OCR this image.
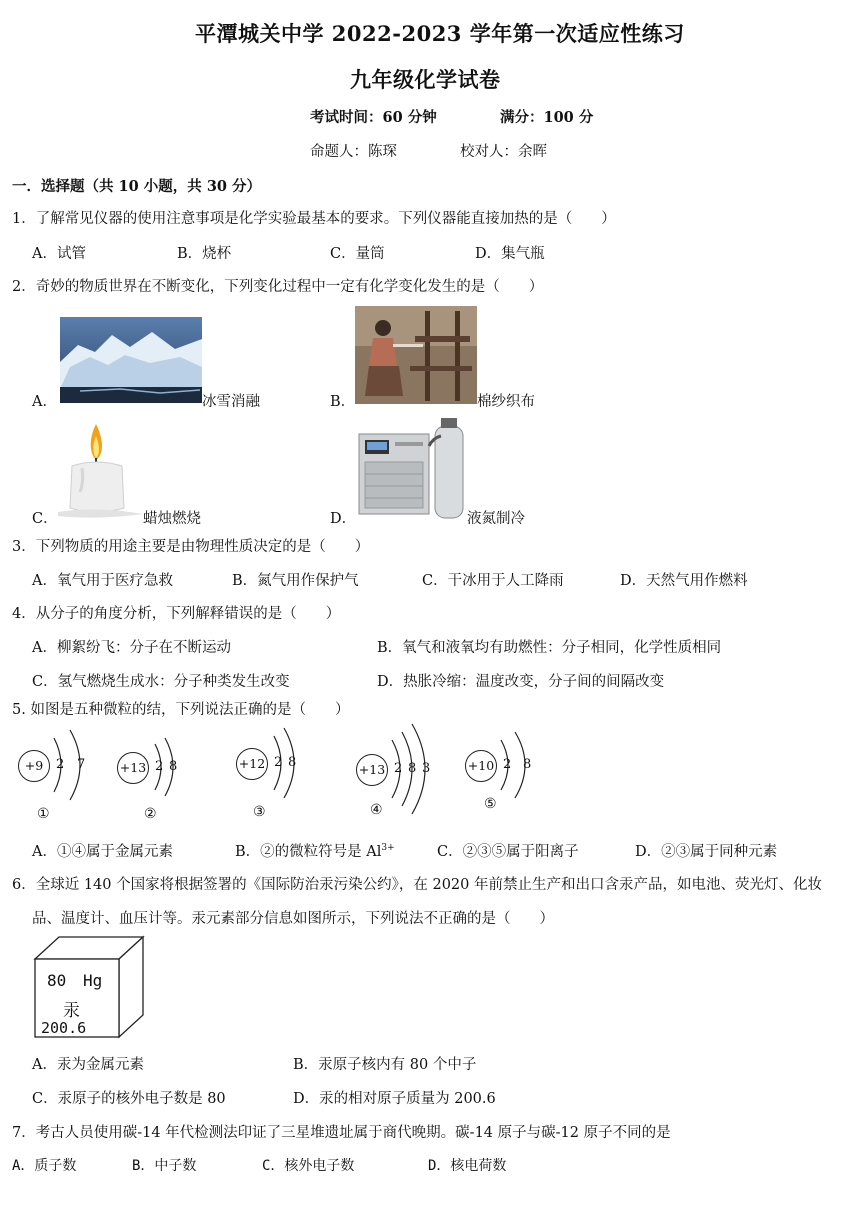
平潭城关中学 2022-2023 学年第一次适应性练习
九年级化学试卷
考试时间：60 分钟	满分：100 分
命题人：陈琛	校对人：余晖
一．选择题（共 10 小题，共 30 分）
1．了解常见仪器的使用注意事项是化学实验最基本的要求。下列仪器能直接加热的是（　　）
A．试管	B．烧杯	C．量筒	D．集气瓶
2．奇妙的物质世界在不断变化，下列变化过程中一定有化学变化发生的是（　　）
A．	冰雪消融	B．	棉纱织布
C．	蜡烛燃烧	D．	液氮制冷
3．下列物质的用途主要是由物理性质决定的是（　　）
A．氧气用于医疗急救	B．氮气用作保护气	C．干冰用于人工降雨	D．天然气用作燃料
4．从分子的角度分析，下列解释错误的是（　　）
A．柳絮纷飞：分子在不断运动	B．氧气和液氧均有助燃性：分子相同，化学性质相同
C．氢气燃烧生成水：分子种类发生改变	D．热胀冷缩：温度改变，分子间的间隔改变
5. 如图是五种微粒的结，下列说法正确的是（　　）
+9 2 7
①
+13 2 8
②
+12 2 8
③
+13 2 8 3
④
+10 2 8
⑤
A．①④属于金属元素	B．②的微粒符号是 $Al^{3+}$	C．②③⑤属于阳离子	D．②③属于同种元素
6．全球近 140 个国家将根据签署的《国际防治汞污染公约》，在 2020 年前禁止生产和出口含汞产品，如电池、荧光灯、化妆
品、温度计、血压计等。汞元素部分信息如图所示，下列说法不正确的是（　　）
80 Hg
汞
200.6
A．汞为金属元素	B．汞原子核内有 80 个中子
C．汞原子的核外电子数是 80	D．汞的相对原子质量为 200.6
7．考古人员使用碳-14 年代检测法印证了三星堆遗址属于商代晚期。碳-14 原子与碳-12 原子不同的是
A．质子数	B．中子数	C．核外电子数	D．核电荷数
